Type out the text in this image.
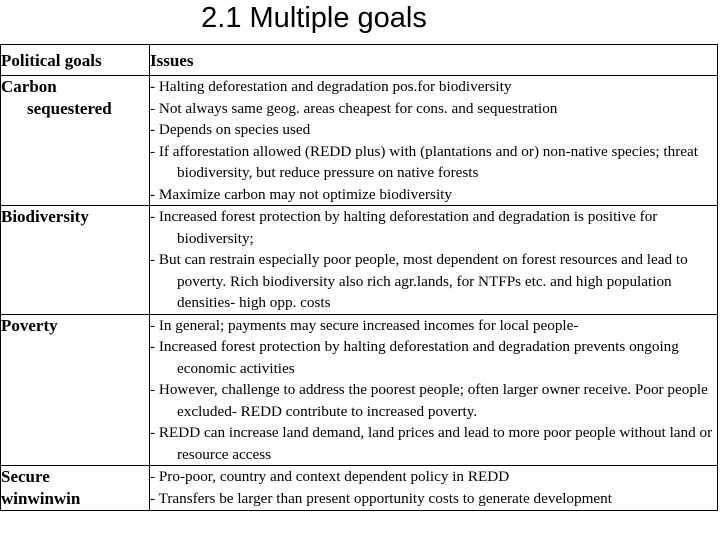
2.1 Multiple goals
Political goals	Issues
Carbon
sequestered	- Halting deforestation and degradation pos.for biodiversity
- Not always same geog. areas cheapest for cons. and sequestration
- Depends on species used
- If afforestation allowed (REDD plus) with (plantations and or) non-native species; threat biodiversity, but reduce pressure on native forests
- Maximize carbon may not optimize biodiversity

Biodiversity	- Increased forest protection by halting deforestation and degradation is positive for biodiversity;
- But can restrain especially poor people, most dependent on forest resources and lead to poverty. Rich biodiversity also rich agr.lands, for NTFPs etc. and high population densities- high opp. costs

Poverty	- In general; payments may secure increased incomes for local people-
- Increased forest protection by halting deforestation and degradation prevents ongoing economic activities
- However, challenge to address the poorest people; often larger owner receive. Poor people excluded- REDD contribute to increased poverty.
- REDD can increase land demand, land prices and lead to more poor people without land or resource access

Secure
winwinwin	- Pro-poor, country and context dependent policy in REDD
- Transfers be larger than present opportunity costs to generate development
